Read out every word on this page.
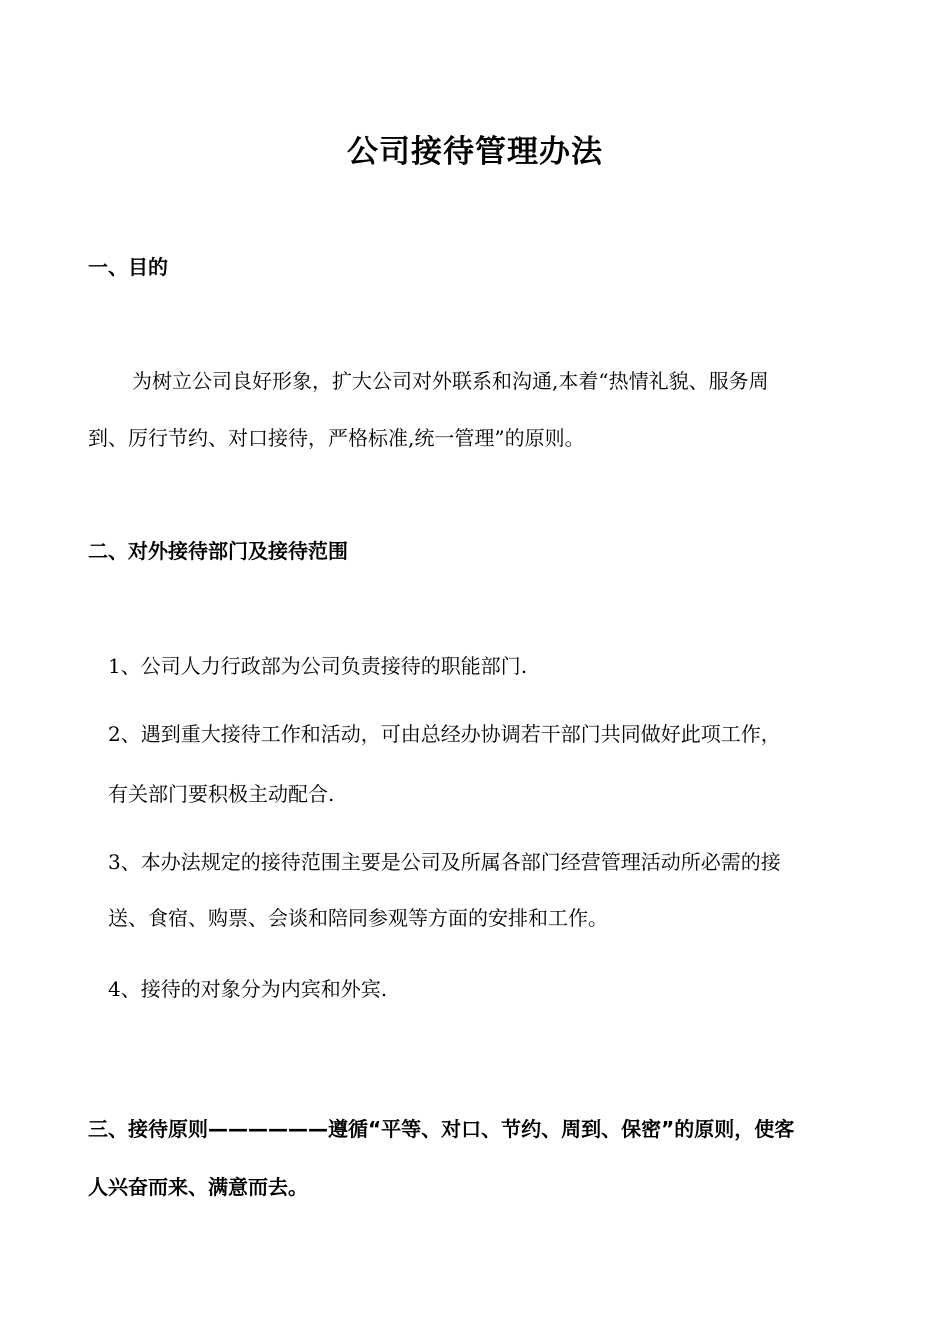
公司接待管理办法
一、目的
为树立公司良好形象，扩大公司对外联系和沟通,本着“热情礼貌、服务周
到、厉行节约、对口接待，严格标准,统一管理”的原则。
二、对外接待部门及接待范围
1、公司人力行政部为公司负责接待的职能部门.
2、遇到重大接待工作和活动，可由总经办协调若干部门共同做好此项工作，
有关部门要积极主动配合.
3、本办法规定的接待范围主要是公司及所属各部门经营管理活动所必需的接
送、食宿、购票、会谈和陪同参观等方面的安排和工作。
4、接待的对象分为内宾和外宾.
三、接待原则——————遵循“平等、对口、节约、周到、保密”的原则，使客
人兴奋而来、满意而去。
